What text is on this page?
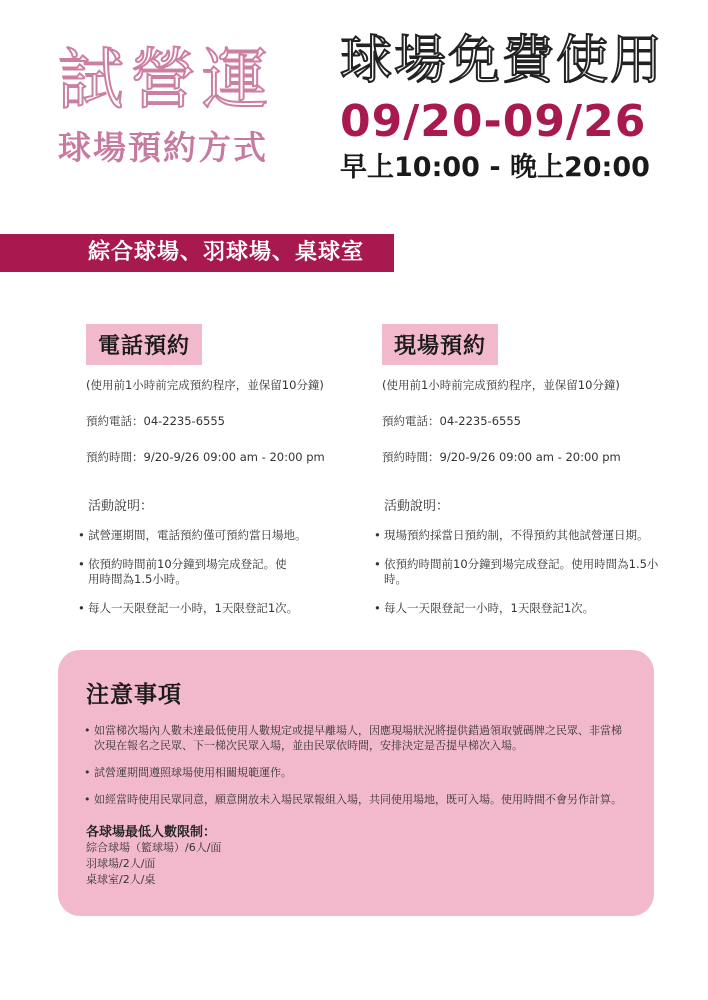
試營運
球場預約方式
球場免費使用
09/20-09/26
早上10:00 - 晚上20:00
綜合球場、羽球場、桌球室
電話預約
(使用前1小時前完成預約程序，並保留10分鐘)
預約電話：04-2235-6555
預約時間：9/20-9/26 09:00 am - 20:00 pm
活動說明：
• 試營運期間，電話預約僅可預約當日場地。
• 依預約時間前10分鐘到場完成登記。使用時間為1.5小時。
• 每人一天限登記一小時，1天限登記1次。
現場預約
(使用前1小時前完成預約程序，並保留10分鐘)
預約電話：04-2235-6555
預約時間：9/20-9/26 09:00 am - 20:00 pm
活動說明：
• 現場預約採當日預約制，不得預約其他試營運日期。
• 依預約時間前10分鐘到場完成登記。使用時間為1.5小時。
• 每人一天限登記一小時，1天限登記1次。
注意事項
• 如當梯次場內人數未達最低使用人數規定或提早離場人，因應現場狀況將提供錯過領取號碼牌之民眾、非當梯次現在報名之民眾、下一梯次民眾入場，並由民眾依時間，安排決定是否提早梯次入場。
• 試營運期間遵照球場使用相關規範運作。
• 如經當時使用民眾同意，願意開放未入場民眾報組入場，共同使用場地，既可入場。使用時間不會另作計算。
各球場最低人數限制：
綜合球場（籃球場）/6人/面
羽球場/2人/面
桌球室/2人/桌
